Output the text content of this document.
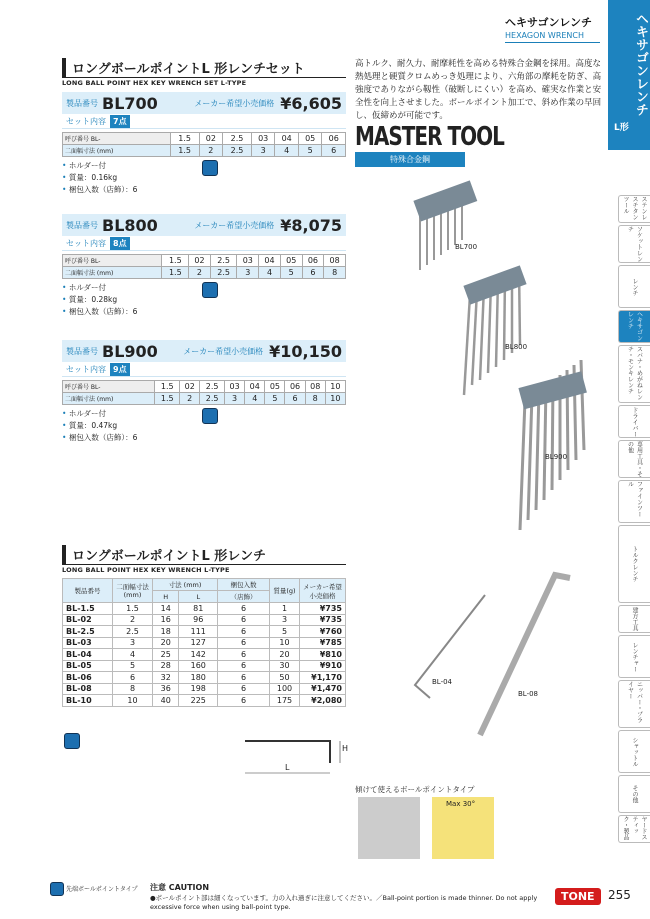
ヘキサゴンレンチ
HEXAGON WRENCH	ヘキサゴンレンチ
L形
ステンレスチタンツール
ソケットレンチ
レンチ
ヘキサゴンレンチ
スパナ・めがねレンチ・モンキレンチ
ドライバー
専用工具・その他
ファインツール
トルクレンチ
建方工具
レンチャー
ニッパー・プライヤー
シャットル
その他
ヤードスティック・製品
高トルク、耐久力、耐摩耗性を高める特殊合金鋼を採用。高度な熱処理と硬質クロムめっき処理により、六角部の摩耗を防ぎ、高強度でありながら靱性（破断しにくい）を高め、確実な作業と安全性を向上させました。ボールポイント加工で、斜め作業の早回し、仮締めが可能です。
MASTER TOOL
特殊合金鋼
ロングボールポイントL 形レンチセット
LONG BALL POINT HEX KEY WRENCH SET L-TYPE
製品番号 BL700	メーカー希望小売価格 ¥6,605
セット内容 7点
呼び番号 BL-	1.5	02	2.5	03	04	05	06
二面幅寸法 (mm)	1.5	2	2.5	3	4	5	6
• ホルダー付
• 質量：0.16kg
• 梱包入数（店飾）：6
製品番号 BL800	メーカー希望小売価格 ¥8,075
セット内容 8点
呼び番号 BL-	1.5	02	2.5	03	04	05	06	08
二面幅寸法 (mm)	1.5	2	2.5	3	4	5	6	8
• ホルダー付
• 質量：0.28kg
• 梱包入数（店飾）：6
製品番号 BL900	メーカー希望小売価格 ¥10,150
セット内容 9点
呼び番号 BL-	1.5	02	2.5	03	04	05	06	08	10
二面幅寸法 (mm)	1.5	2	2.5	3	4	5	6	8	10
• ホルダー付
• 質量：0.47kg
• 梱包入数（店飾）：6
BL700
BL800
BL900
ロングボールポイントL 形レンチ
LONG BALL POINT HEX KEY WRENCH L-TYPE
製品番号	二面幅寸法(mm)	寸法 (mm)		梱包入数	質量(g)	メーカー希望小売価格
		H	L	（店飾）		
BL-1.5	1.5	14	81	6	1	¥735
BL-02	2	16	96	6	3	¥735
BL-2.5	2.5	18	111	6	5	¥760
BL-03	3	20	127	6	10	¥785
BL-04	4	25	142	6	20	¥810
BL-05	5	28	160	6	30	¥910
BL-06	6	32	180	6	50	¥1,170
BL-08	8	36	198	6	100	¥1,470
BL-10	10	40	225	6	175	¥2,080
BL-04
BL-08
H
L
傾けて使えるボールポイントタイプ
Max 30°
先端ボールポイントタイプ 注意 CAUTION
●ボールポイント部は細くなっています。力の入れ過ぎに注意してください。／Ball-point portion is made thinner. Do not apply excessive force when using ball-point type.
TONE	255
